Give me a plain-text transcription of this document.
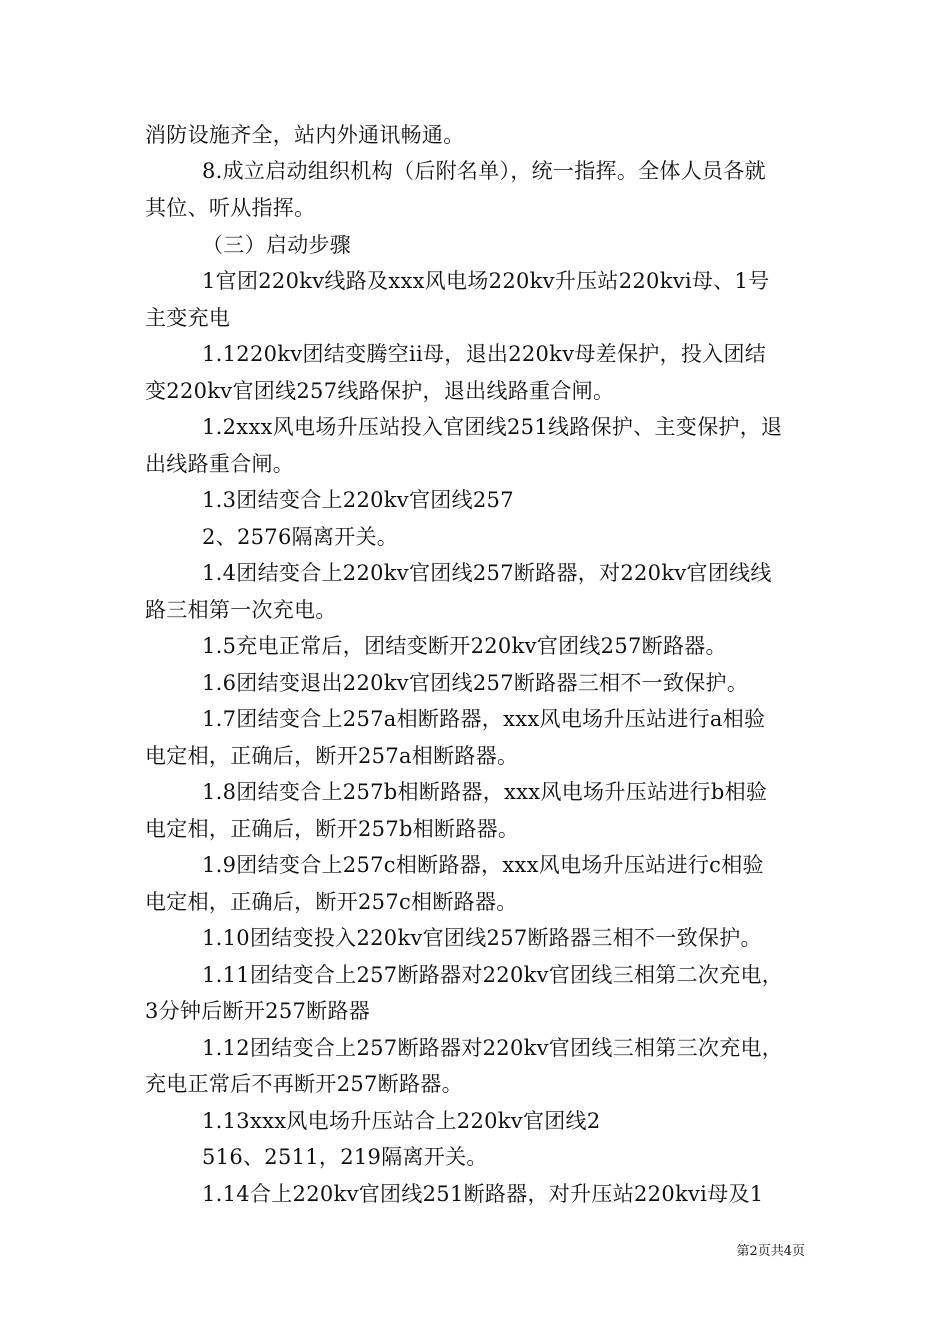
消防设施齐全，站内外通讯畅通。
8.成立启动组织机构（后附名单），统一指挥。全体人员各就
其位、听从指挥。
（三）启动步骤
1官团220kv线路及xxx风电场220kv升压站220kvi母、1号
主变充电
1.1220kv团结变腾空ii母，退出220kv母差保护，投入团结
变220kv官团线257线路保护，退出线路重合闸。
1.2xxx风电场升压站投入官团线251线路保护、主变保护，退
出线路重合闸。
1.3团结变合上220kv官团线257
2、2576隔离开关。
1.4团结变合上220kv官团线257断路器，对220kv官团线线
路三相第一次充电。
1.5充电正常后，团结变断开220kv官团线257断路器。
1.6团结变退出220kv官团线257断路器三相不一致保护。
1.7团结变合上257a相断路器，xxx风电场升压站进行a相验
电定相，正确后，断开257a相断路器。
1.8团结变合上257b相断路器，xxx风电场升压站进行b相验
电定相，正确后，断开257b相断路器。
1.9团结变合上257c相断路器，xxx风电场升压站进行c相验
电定相，正确后，断开257c相断路器。
1.10团结变投入220kv官团线257断路器三相不一致保护。
1.11团结变合上257断路器对220kv官团线三相第二次充电，
3分钟后断开257断路器
1.12团结变合上257断路器对220kv官团线三相第三次充电，
充电正常后不再断开257断路器。
1.13xxx风电场升压站合上220kv官团线2
516、2511，219隔离开关。
1.14合上220kv官团线251断路器，对升压站220kvi母及1
第2页共4页
